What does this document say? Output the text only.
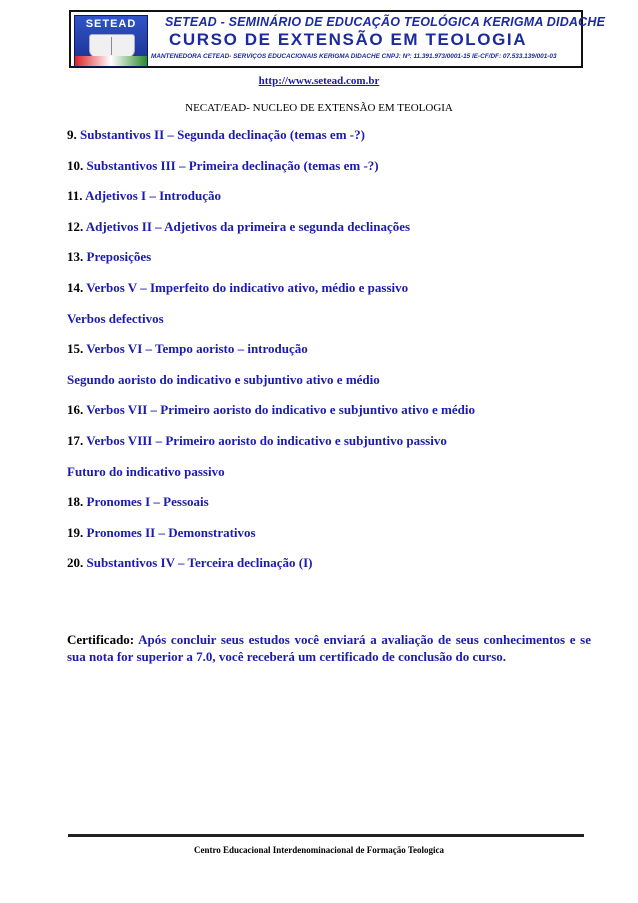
SETEAD	SETEAD - SEMINÁRIO DE EDUCAÇÃO TEOLÓGICA KERIGMA DIDACHE
CURSO DE EXTENSÃO EM TEOLOGIA
MANTENEDORA CETEAD- SERVIÇOS EDUCACIONAIS KERIGMA DIDACHE CNPJ: Nº: 11.391.973/0001-15 IE-CF/DF: 07.533.139/001-03
http://www.setead.com.br
NECAT/EAD- NUCLEO DE EXTENSÃO EM TEOLOGIA
9. Substantivos II – Segunda declinação (temas em -?)
10. Substantivos III – Primeira declinação (temas em -?)
11. Adjetivos I – Introdução
12. Adjetivos II – Adjetivos da primeira e segunda declinações
13. Preposições
14. Verbos V – Imperfeito do indicativo ativo, médio e passivo
Verbos defectivos
15. Verbos VI – Tempo aoristo – introdução
Segundo aoristo do indicativo e subjuntivo ativo e médio
16. Verbos VII – Primeiro aoristo do indicativo e subjuntivo ativo e médio
17. Verbos VIII – Primeiro aoristo do indicativo e subjuntivo passivo
Futuro do indicativo passivo
18. Pronomes I – Pessoais
19. Pronomes II – Demonstrativos
20. Substantivos IV – Terceira declinação (I)
Certificado: Após concluir seus estudos você enviará a avaliação de seus conhecimentos e se sua nota for superior a 7.0, você receberá um certificado de conclusão do curso.
Centro Educacional Interdenominacional de Formação Teologica
